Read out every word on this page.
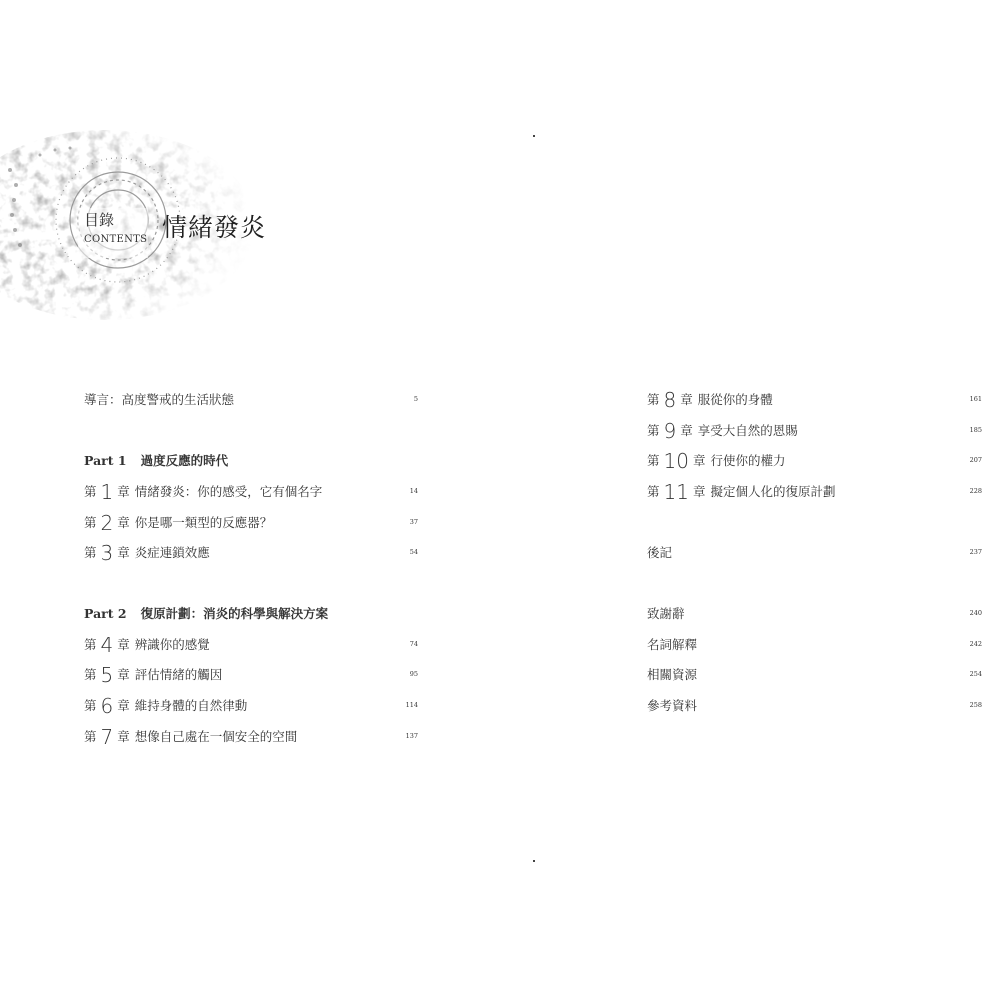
目錄
CONTENTS 情緒發炎
導言：高度警戒的生活狀態	5
Part 1 過度反應的時代
第 1 章 情緒發炎：你的感受，它有個名字	14
第 2 章 你是哪一類型的反應器？	37
第 3 章 炎症連鎖效應	54
Part 2 復原計劃：消炎的科學與解決方案
第 4 章 辨識你的感覺	74
第 5 章 評估情緒的觸因	95
第 6 章 維持身體的自然律動	114
第 7 章 想像自己處在一個安全的空間	137
第 8 章 服從你的身體	161
第 9 章 享受大自然的恩賜	185
第 10 章 行使你的權力	207
第 11 章 擬定個人化的復原計劃	228
後記	237
致謝辭	240
名詞解釋	242
相關資源	254
參考資料	258
